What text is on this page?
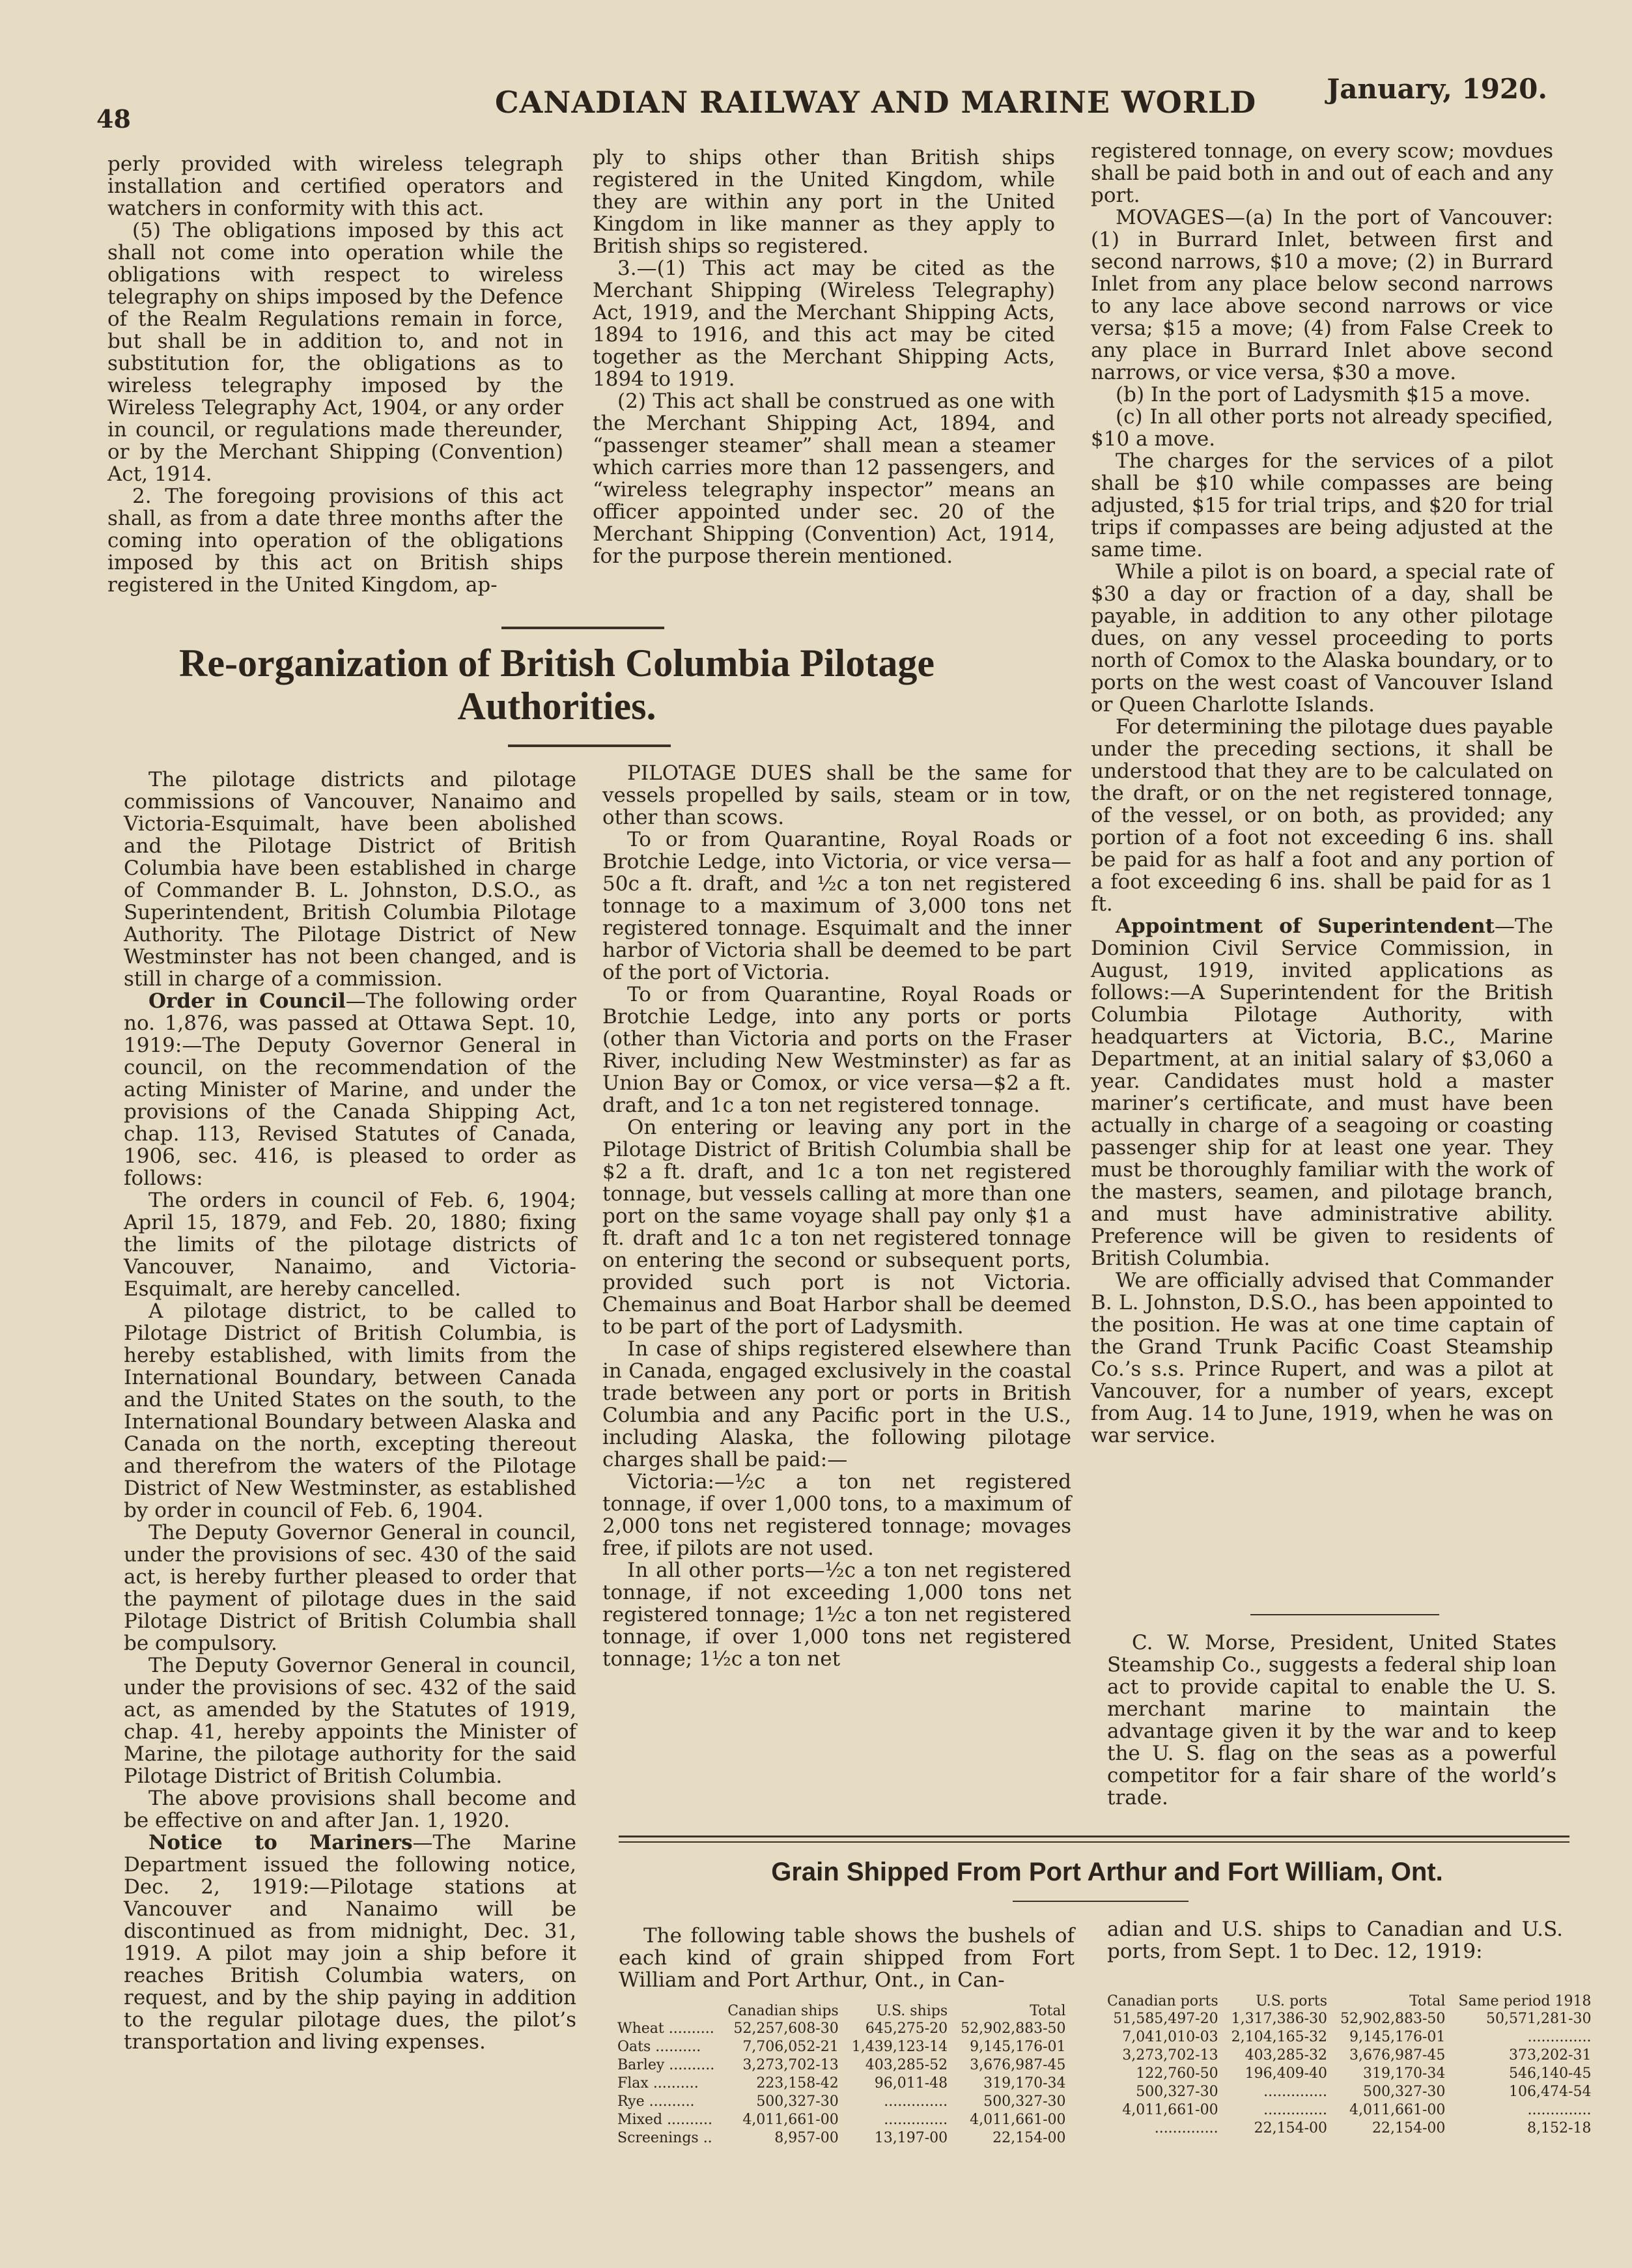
48	CANADIAN RAILWAY AND MARINE WORLD	January, 1920.

perly provided with wireless telegraph installation and certified operators and watchers in conformity with this act.

(5) The obligations imposed by this act shall not come into operation while the obligations with respect to wireless telegraphy on ships imposed by the Defence of the Realm Regulations remain in force, but shall be in addition to, and not in substitution for, the obligations as to wireless telegraphy imposed by the Wireless Telegraphy Act, 1904, or any order in council, or regulations made thereunder, or by the Merchant Shipping (Convention) Act, 1914.

2. The foregoing provisions of this act shall, as from a date three months after the coming into operation of the obligations imposed by this act on British ships registered in the United Kingdom, ap-

ply to ships other than British ships registered in the United Kingdom, while they are within any port in the United Kingdom in like manner as they apply to British ships so registered.

3.—(1) This act may be cited as the Merchant Shipping (Wireless Telegraphy) Act, 1919, and the Merchant Shipping Acts, 1894 to 1916, and this act may be cited together as the Merchant Shipping Acts, 1894 to 1919.

(2) This act shall be construed as one with the Merchant Shipping Act, 1894, and “passenger steamer” shall mean a steamer which carries more than 12 passengers, and “wireless telegraphy inspector” means an officer appointed under sec. 20 of the Merchant Shipping (Convention) Act, 1914, for the purpose therein mentioned.

Re-organization of British Columbia Pilotage Authorities.

The pilotage districts and pilotage commissions of Vancouver, Nanaimo and Victoria-Esquimalt, have been abolished and the Pilotage District of British Columbia have been established in charge of Commander B. L. Johnston, D.S.O., as Superintendent, British Columbia Pilotage Authority. The Pilotage District of New Westminster has not been changed, and is still in charge of a commission.

Order in Council—The following order no. 1,876, was passed at Ottawa Sept. 10, 1919:—The Deputy Governor General in council, on the recommendation of the acting Minister of Marine, and under the provisions of the Canada Shipping Act, chap. 113, Revised Statutes of Canada, 1906, sec. 416, is pleased to order as follows:

The orders in council of Feb. 6, 1904; April 15, 1879, and Feb. 20, 1880; fixing the limits of the pilotage districts of Vancouver, Nanaimo, and Victoria-Esquimalt, are hereby cancelled.

A pilotage district, to be called to Pilotage District of British Columbia, is hereby established, with limits from the International Boundary, between Canada and the United States on the south, to the International Boundary between Alaska and Canada on the north, excepting thereout and therefrom the waters of the Pilotage District of New Westminster, as established by order in council of Feb. 6, 1904.

The Deputy Governor General in council, under the provisions of sec. 430 of the said act, is hereby further pleased to order that the payment of pilotage dues in the said Pilotage District of British Columbia shall be compulsory.

The Deputy Governor General in council, under the provisions of sec. 432 of the said act, as amended by the Statutes of 1919, chap. 41, hereby appoints the Minister of Marine, the pilotage authority for the said Pilotage District of British Columbia.

The above provisions shall become and be effective on and after Jan. 1, 1920.

Notice to Mariners—The Marine Department issued the following notice, Dec. 2, 1919:—Pilotage stations at Vancouver and Nanaimo will be discontinued as from midnight, Dec. 31, 1919. A pilot may join a ship before it reaches British Columbia waters, on request, and by the ship paying in addition to the regular pilotage dues, the pilot’s transportation and living expenses.

PILOTAGE DUES shall be the same for vessels propelled by sails, steam or in tow, other than scows.

To or from Quarantine, Royal Roads or Brotchie Ledge, into Victoria, or vice versa—50c a ft. draft, and ½c a ton net registered tonnage to a maximum of 3,000 tons net registered tonnage. Esquimalt and the inner harbor of Victoria shall be deemed to be part of the port of Victoria.

To or from Quarantine, Royal Roads or Brotchie Ledge, into any ports or ports (other than Victoria and ports on the Fraser River, including New Westminster) as far as Union Bay or Comox, or vice versa—$2 a ft. draft, and 1c a ton net registered tonnage.

On entering or leaving any port in the Pilotage District of British Columbia shall be $2 a ft. draft, and 1c a ton net registered tonnage, but vessels calling at more than one port on the same voyage shall pay only $1 a ft. draft and 1c a ton net registered tonnage on entering the second or subsequent ports, provided such port is not Victoria. Chemainus and Boat Harbor shall be deemed to be part of the port of Ladysmith.

In case of ships registered elsewhere than in Canada, engaged exclusively in the coastal trade between any port or ports in British Columbia and any Pacific port in the U.S., including Alaska, the following pilotage charges shall be paid:—

Victoria:—½c a ton net registered tonnage, if over 1,000 tons, to a maximum of 2,000 tons net registered tonnage; movages free, if pilots are not used.

In all other ports—½c a ton net registered tonnage, if not exceeding 1,000 tons net registered tonnage; 1½c a ton net registered tonnage, if over 1,000 tons net registered tonnage; 1½c a ton net

registered tonnage, on every scow; movdues shall be paid both in and out of each and any port.

MOVAGES—(a) In the port of Vancouver: (1) in Burrard Inlet, between first and second narrows, $10 a move; (2) in Burrard Inlet from any place below second narrows to any lace above second narrows or vice versa; $15 a move; (4) from False Creek to any place in Burrard Inlet above second narrows, or vice versa, $30 a move.

(b) In the port of Ladysmith $15 a move.

(c) In all other ports not already specified, $10 a move.

The charges for the services of a pilot shall be $10 while compasses are being adjusted, $15 for trial trips, and $20 for trial trips if compasses are being adjusted at the same time.

While a pilot is on board, a special rate of $30 a day or fraction of a day, shall be payable, in addition to any other pilotage dues, on any vessel proceeding to ports north of Comox to the Alaska boundary, or to ports on the west coast of Vancouver Island or Queen Charlotte Islands.

For determining the pilotage dues payable under the preceding sections, it shall be understood that they are to be calculated on the draft, or on the net registered tonnage, of the vessel, or on both, as provided; any portion of a foot not exceeding 6 ins. shall be paid for as half a foot and any portion of a foot exceeding 6 ins. shall be paid for as 1 ft.

Appointment of Superintendent—The Dominion Civil Service Commission, in August, 1919, invited applications as follows:—A Superintendent for the British Columbia Pilotage Authority, with headquarters at Victoria, B.C., Marine Department, at an initial salary of $3,060 a year. Candidates must hold a master mariner’s certificate, and must have been actually in charge of a seagoing or coasting passenger ship for at least one year. They must be thoroughly familiar with the work of the masters, seamen, and pilotage branch, and must have administrative ability. Preference will be given to residents of British Columbia.

We are officially advised that Commander B. L. Johnston, D.S.O., has been appointed to the position. He was at one time captain of the Grand Trunk Pacific Coast Steamship Co.’s s.s. Prince Rupert, and was a pilot at Vancouver, for a number of years, except from Aug. 14 to June, 1919, when he was on war service.

C. W. Morse, President, United States Steamship Co., suggests a federal ship loan act to provide capital to enable the U. S. merchant marine to maintain the advantage given it by the war and to keep the U. S. flag on the seas as a powerful competitor for a fair share of the world’s trade.

Grain Shipped From Port Arthur and Fort William, Ont.

The following table shows the bushels of each kind of grain shipped from Fort William and Port Arthur, Ont., in Can-

adian and U.S. ships to Canadian and U.S. ports, from Sept. 1 to Dec. 12, 1919:

	Canadian ships	U.S. ships	Total
Wheat ..........	52,257,608-30	645,275-20	52,902,883-50
Oats ..........	7,706,052-21	1,439,123-14	9,145,176-01
Barley ..........	3,273,702-13	403,285-52	3,676,987-45
Flax ..........	223,158-42	96,011-48	319,170-34
Rye ..........	500,327-30	..............	500,327-30
Mixed ..........	4,011,661-00	..............	4,011,661-00
Screenings ..	8,957-00	13,197-00	22,154-00
Canadian ports	U.S. ports	Total	Same period 1918
51,585,497-20	1,317,386-30	52,902,883-50	50,571,281-30
7,041,010-03	2,104,165-32	9,145,176-01	..............
3,273,702-13	403,285-32	3,676,987-45	373,202-31
122,760-50	196,409-40	319,170-34	546,140-45
500,327-30	..............	500,327-30	106,474-54
4,011,661-00	..............	4,011,661-00	..............
..............	22,154-00	22,154-00	8,152-18
